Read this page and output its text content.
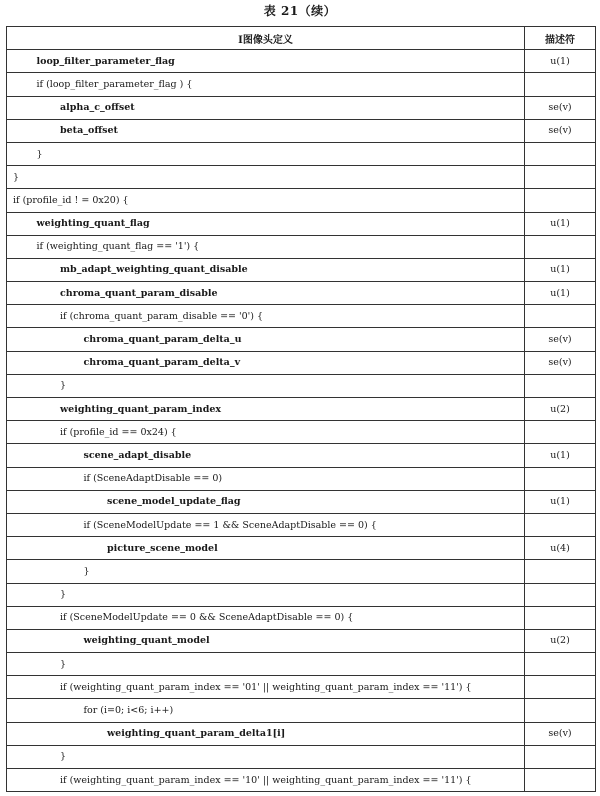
表 21（续）
I图像头定义	描述符
loop_filter_parameter_flag	u(1)
if (loop_filter_parameter_flag ) {	
alpha_c_offset	se(v)
beta_offset	se(v)
}	
}	
if (profile_id ! = 0x20) {	
weighting_quant_flag	u(1)
if (weighting_quant_flag == '1') {	
mb_adapt_weighting_quant_disable	u(1)
chroma_quant_param_disable	u(1)
if (chroma_quant_param_disable == '0') {	
chroma_quant_param_delta_u	se(v)
chroma_quant_param_delta_v	se(v)
}	
weighting_quant_param_index	u(2)
if (profile_id == 0x24) {	
scene_adapt_disable	u(1)
if (SceneAdaptDisable == 0)	
scene_model_update_flag	u(1)
if (SceneModelUpdate == 1 && SceneAdaptDisable == 0) {	
picture_scene_model	u(4)
}	
}	
if (SceneModelUpdate == 0 && SceneAdaptDisable == 0) {	
weighting_quant_model	u(2)
}	
if (weighting_quant_param_index == '01' || weighting_quant_param_index == '11') {	
for (i=0; i<6; i++)	
weighting_quant_param_delta1[i]	se(v)
}	
if (weighting_quant_param_index == '10' || weighting_quant_param_index == '11') {	
